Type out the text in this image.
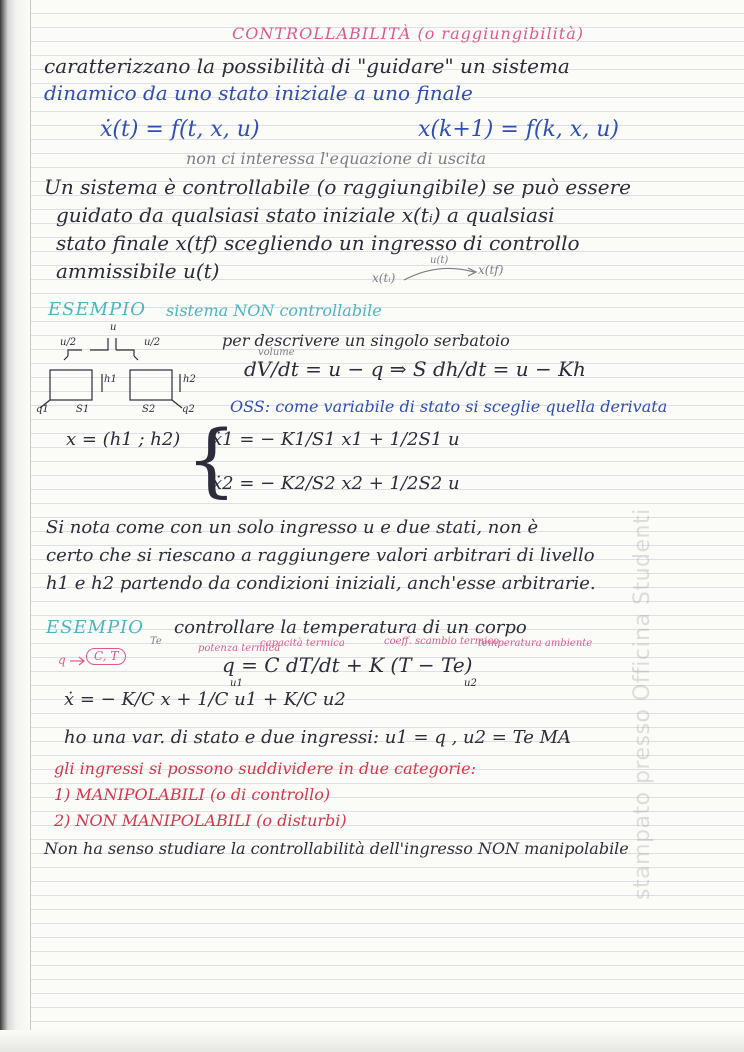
CONTROLLABILITÀ (o raggiungibilità)
caratterizzano la possibilità di "guidare" un sistema
dinamico da uno stato iniziale a uno finale
ẋ(t) = f(t, x, u)	x(k+1) = f(k, x, u)
non ci interessa l'equazione di uscita
Un sistema è controllabile (o raggiungibile) se può essere
guidato da qualsiasi stato iniziale x(tᵢ) a qualsiasi
stato finale x(tf) scegliendo un ingresso di controllo
ammissibile u(t)	x(tᵢ)
u(t)
x(tf)
ESEMPIO sistema NON controllabile
per descrivere un singolo serbatoio
volume
dV/dt = u − q ⇒ S dh/dt = u − Kh
u/2
u
u/2
h1	h2
q1	S1	S2	q2 OSS: come variabile di stato si sceglie quella derivata
x = (h1 ; h2) {
ẋ1 = − K1/S1 x1 + 1/2S1 u
ẋ2 = − K2/S2 x2 + 1/2S2 u
Si nota come con un solo ingresso u e due stati, non è
certo che si riescano a raggiungere valori arbitrari di livello
h1 e h2 partendo da condizioni iniziali, anch'esse arbitrarie.
ESEMPIO controllare la temperatura di un corpo
Te
q	C, T
potenza termica
capacità termica	coeff. scambio termico
temperatura ambiente
q = C dT/dt + K (T − Te)
u1	u2
ẋ = − K/C x + 1/C u1 + K/C u2
ho una var. di stato e due ingressi: u1 = q , u2 = Te MA
gli ingressi si possono suddividere in due categorie:
1) MANIPOLABILI (o di controllo)
2) NON MANIPOLABILI (o disturbi)
Non ha senso studiare la controllabilità dell'ingresso NON manipolabile stampato presso Officina Studenti
